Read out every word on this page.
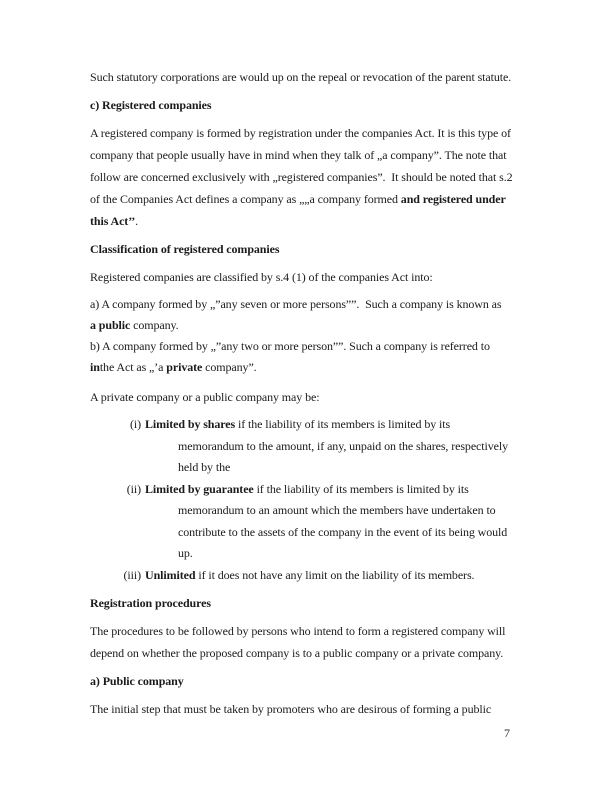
Such statutory corporations are would up on the repeal or revocation of the parent statute.
c) Registered companies
A registered company is formed by registration under the companies Act. It is this type of
company that people usually have in mind when they talk of „a company”. The note that
follow are concerned exclusively with „registered companies”.  It should be noted that s.2
of the Companies Act defines a company as „„a company formed and registered under
this Act’’.
Classification of registered companies
Registered companies are classified by s.4 (1) of the companies Act into:
a) A company formed by „”any seven or more persons””.  Such a company is known as
a public company.
b) A company formed by „”any two or more person””. Such a company is referred to
inthe Act as „’a private company”.
A private company or a public company may be:
(i) Limited by shares if the liability of its members is limited by its
memorandum to the amount, if any, unpaid on the shares, respectively
held by the
(ii) Limited by guarantee if the liability of its members is limited by its
memorandum to an amount which the members have undertaken to
contribute to the assets of the company in the event of its being would
up.
(iii) Unlimited if it does not have any limit on the liability of its members.
Registration procedures
The procedures to be followed by persons who intend to form a registered company will
depend on whether the proposed company is to a public company or a private company.
a) Public company
The initial step that must be taken by promoters who are desirous of forming a public
7
